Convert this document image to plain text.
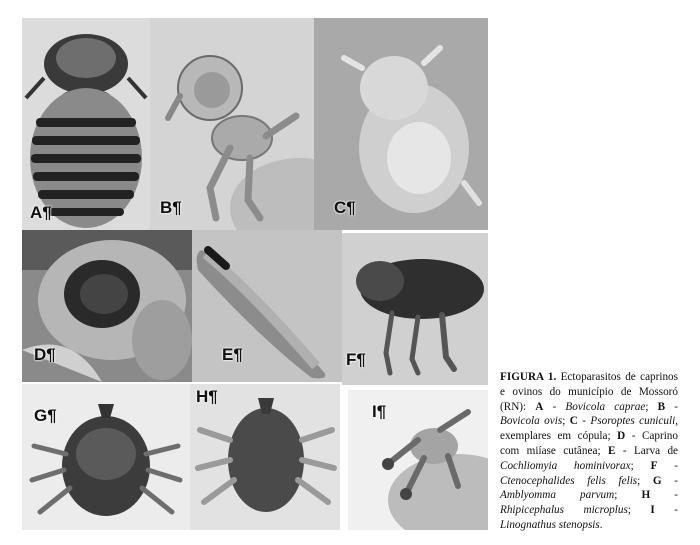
A¶	B¶	C¶
D¶	E¶	F¶
G¶
H¶
I¶
FIGURA 1. Ectoparasitos de caprinos e ovinos do município de Mossoró (RN): A - Bovicola caprae; B - Bovicola ovis; C - Psoroptes cuniculi, exemplares em cópula; D - Caprino com miíase cutânea; E - Larva de Cochliomyia hominivorax; F - Ctenocephalides felis felis; G - Amblyomma parvum; H - Rhipicephalus microplus; I - Linognathus stenopsis.
